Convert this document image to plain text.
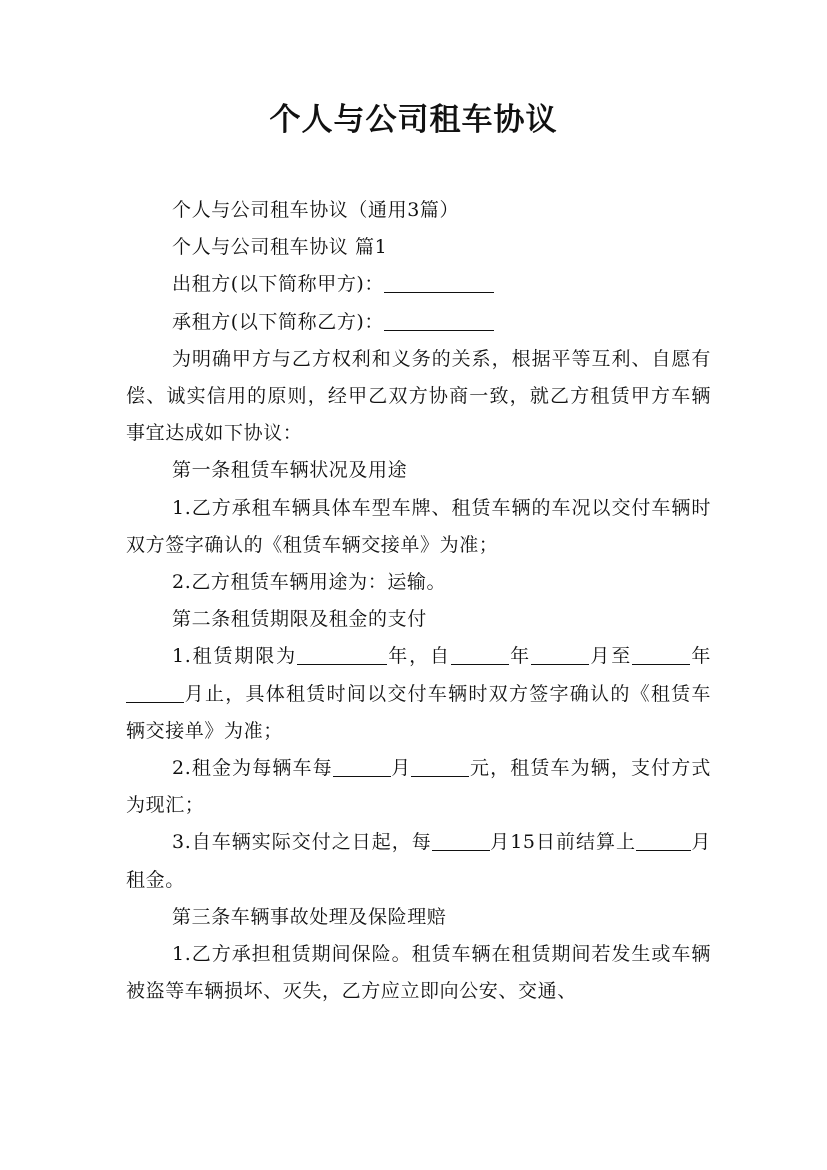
个人与公司租车协议

个人与公司租车协议（通用3篇）

个人与公司租车协议 篇1

出租方(以下简称甲方)：

承租方(以下简称乙方)：

为明确甲方与乙方权利和义务的关系，根据平等互利、自愿有偿、诚实信用的原则，经甲乙双方协商一致，就乙方租赁甲方车辆事宜达成如下协议：

第一条租赁车辆状况及用途

1.乙方承租车辆具体车型车牌、租赁车辆的车况以交付车辆时双方签字确认的《租赁车辆交接单》为准；

2.乙方租赁车辆用途为：运输。

第二条租赁期限及租金的支付

1.租赁期限为	年，自	年	月至	年月止，具体租赁时间以交付车辆时双方签字确认的《租赁车辆交接单》为准；

2.租金为每辆车每	月	元，租赁车为辆，支付方式为现汇；

3.自车辆实际交付之日起，每	月15日前结算上	月租金。

第三条车辆事故处理及保险理赔

1.乙方承担租赁期间保险。租赁车辆在租赁期间若发生或车辆被盗等车辆损坏、灭失，乙方应立即向公安、交通、
